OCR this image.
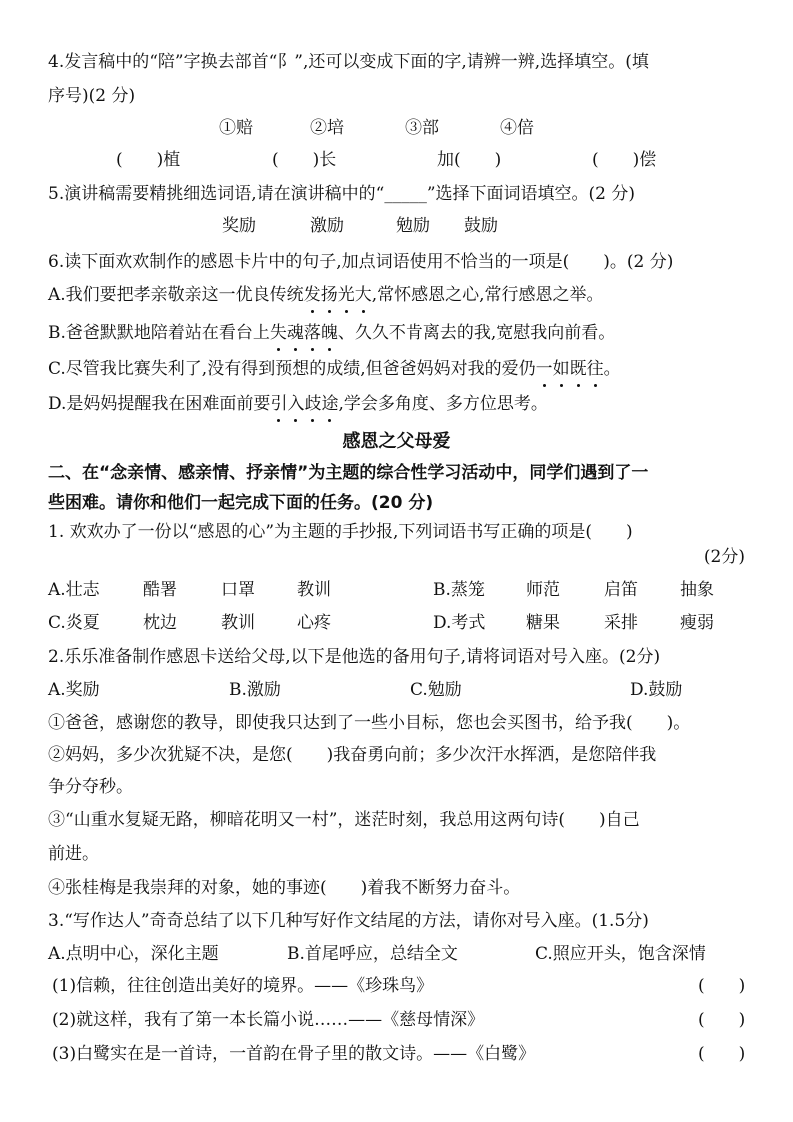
4.发言稿中的“陪”字换去部首“阝”,还可以变成下面的字,请辨一辨,选择填空。(填
序号)(2 分)
①赔	②培	③部	④倍
(　　)植	(　　)长	加(　　)	(　　)偿
5.演讲稿需要精挑细选词语,请在演讲稿中的“_____”选择下面词语填空。(2 分)
奖励	激励	勉励 鼓励
6.读下面欢欢制作的感恩卡片中的句子,加点词语使用不恰当的一项是(　　)。(2 分)
A.我们要把孝亲敬亲这一优良传统发扬光大,常怀感恩之心,常行感恩之举。
B.爸爸默默地陪着站在看台上失魂落魄、久久不肯离去的我,宽慰我向前看。
C.尽管我比赛失利了,没有得到预想的成绩,但爸爸妈妈对我的爱仍一如既往。
D.是妈妈提醒我在困难面前要引入歧途,学会多角度、多方位思考。
感恩之父母爱
二、在“念亲情、感亲情、抒亲情”为主题的综合性学习活动中，同学们遇到了一
些困难。请你和他们一起完成下面的任务。(20 分)
1. 欢欢办了一份以“感恩的心”为主题的手抄报,下列词语书写正确的项是(　　)
(2分)
A.壮志	酷署	口罩 教训	B.蒸笼 师范	启笛 抽象
C.炎夏	枕边	教训 心疼	D.考式 糖果	采排 瘦弱
2.乐乐准备制作感恩卡送给父母,以下是他选的备用句子,请将词语对号入座。(2分)
A.奖励	B.激励	C.勉励	D.鼓励
①爸爸，感谢您的教导，即使我只达到了一些小目标，您也会买图书，给予我(　　)。
②妈妈，多少次犹疑不决，是您(　　)我奋勇向前；多少次汗水挥洒，是您陪伴我
争分夺秒。
③“山重水复疑无路，柳暗花明又一村”，迷茫时刻，我总用这两句诗(　　)自己
前进。
④张桂梅是我崇拜的对象，她的事迹(　　)着我不断努力奋斗。
3.“写作达人”奇奇总结了以下几种写好作文结尾的方法，请你对号入座。(1.5分)
A.点明中心，深化主题	B.首尾呼应，总结全文	C.照应开头，饱含深情
(1)信赖，往往创造出美好的境界。——《珍珠鸟》	(　　)
(2)就这样，我有了第一本长篇小说……——《慈母情深》	(　　)
(3)白鹭实在是一首诗，一首韵在骨子里的散文诗。——《白鹭》	(　　)
